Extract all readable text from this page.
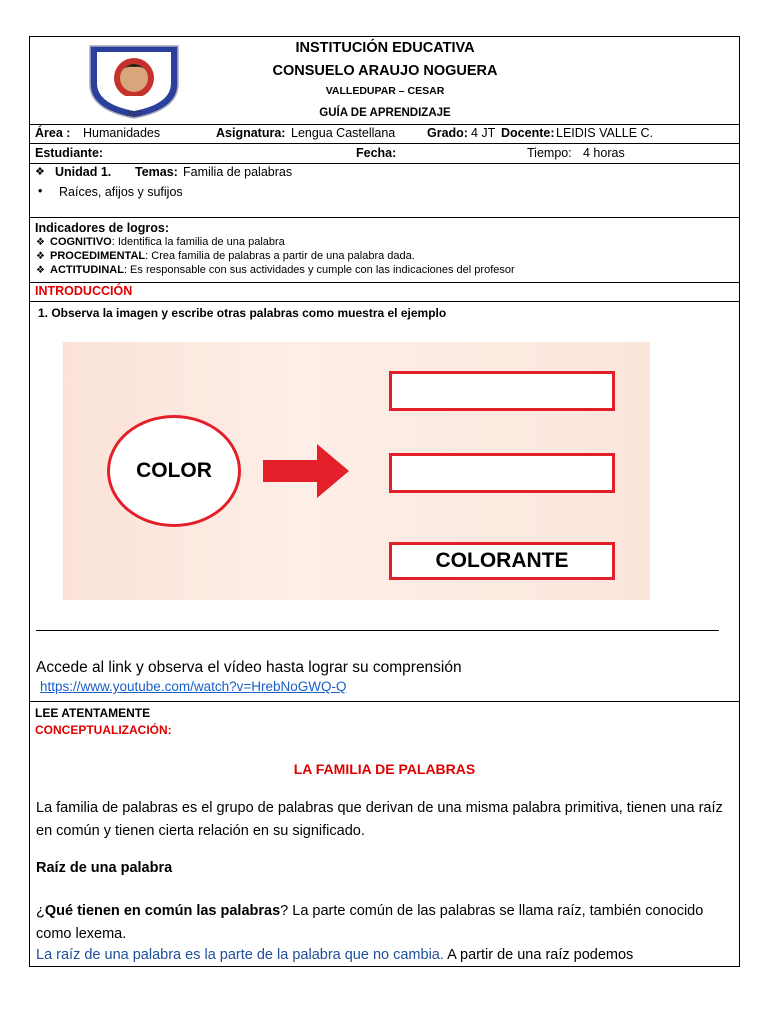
2007
INSTITUCIÓN EDUCATIVA
CONSUELO ARAUJO NOGUERA
VALLEDUPAR – CESAR
GUÍA DE APRENDIZAJE
Área : Humanidades	Asignatura: Lengua Castellana	Grado: 4 JT Docente: LEIDIS VALLE C.
Estudiante:	Fecha:	Tiempo: 4 horas
❖ Unidad 1. Temas: Familia de palabras
• Raíces, afijos y sufijos
Indicadores de logros:
❖ COGNITIVO: Identifica la familia de una palabra
❖ PROCEDIMENTAL: Crea familia de palabras a partir de una palabra dada.
❖ ACTITUDINAL: Es responsable con sus actividades y cumple con las indicaciones del profesor
INTRODUCCIÓN
1. Observa la imagen y escribe otras palabras como muestra el ejemplo
COLOR
COLORANTE
Accede al link y observa el vídeo hasta lograr su comprensión
https://www.youtube.com/watch?v=HrebNoGWQ-Q
LEE ATENTAMENTE
CONCEPTUALIZACIÓN:
LA FAMILIA DE PALABRAS
La familia de palabras es el grupo de palabras que derivan de una misma palabra primitiva, tienen una raíz en común y tienen cierta relación en su significado.
Raíz de una palabra
¿Qué tienen en común las palabras? La parte común de las palabras se llama raíz, también conocido como lexema.
La raíz de una palabra es la parte de la palabra que no cambia. A partir de una raíz podemos
